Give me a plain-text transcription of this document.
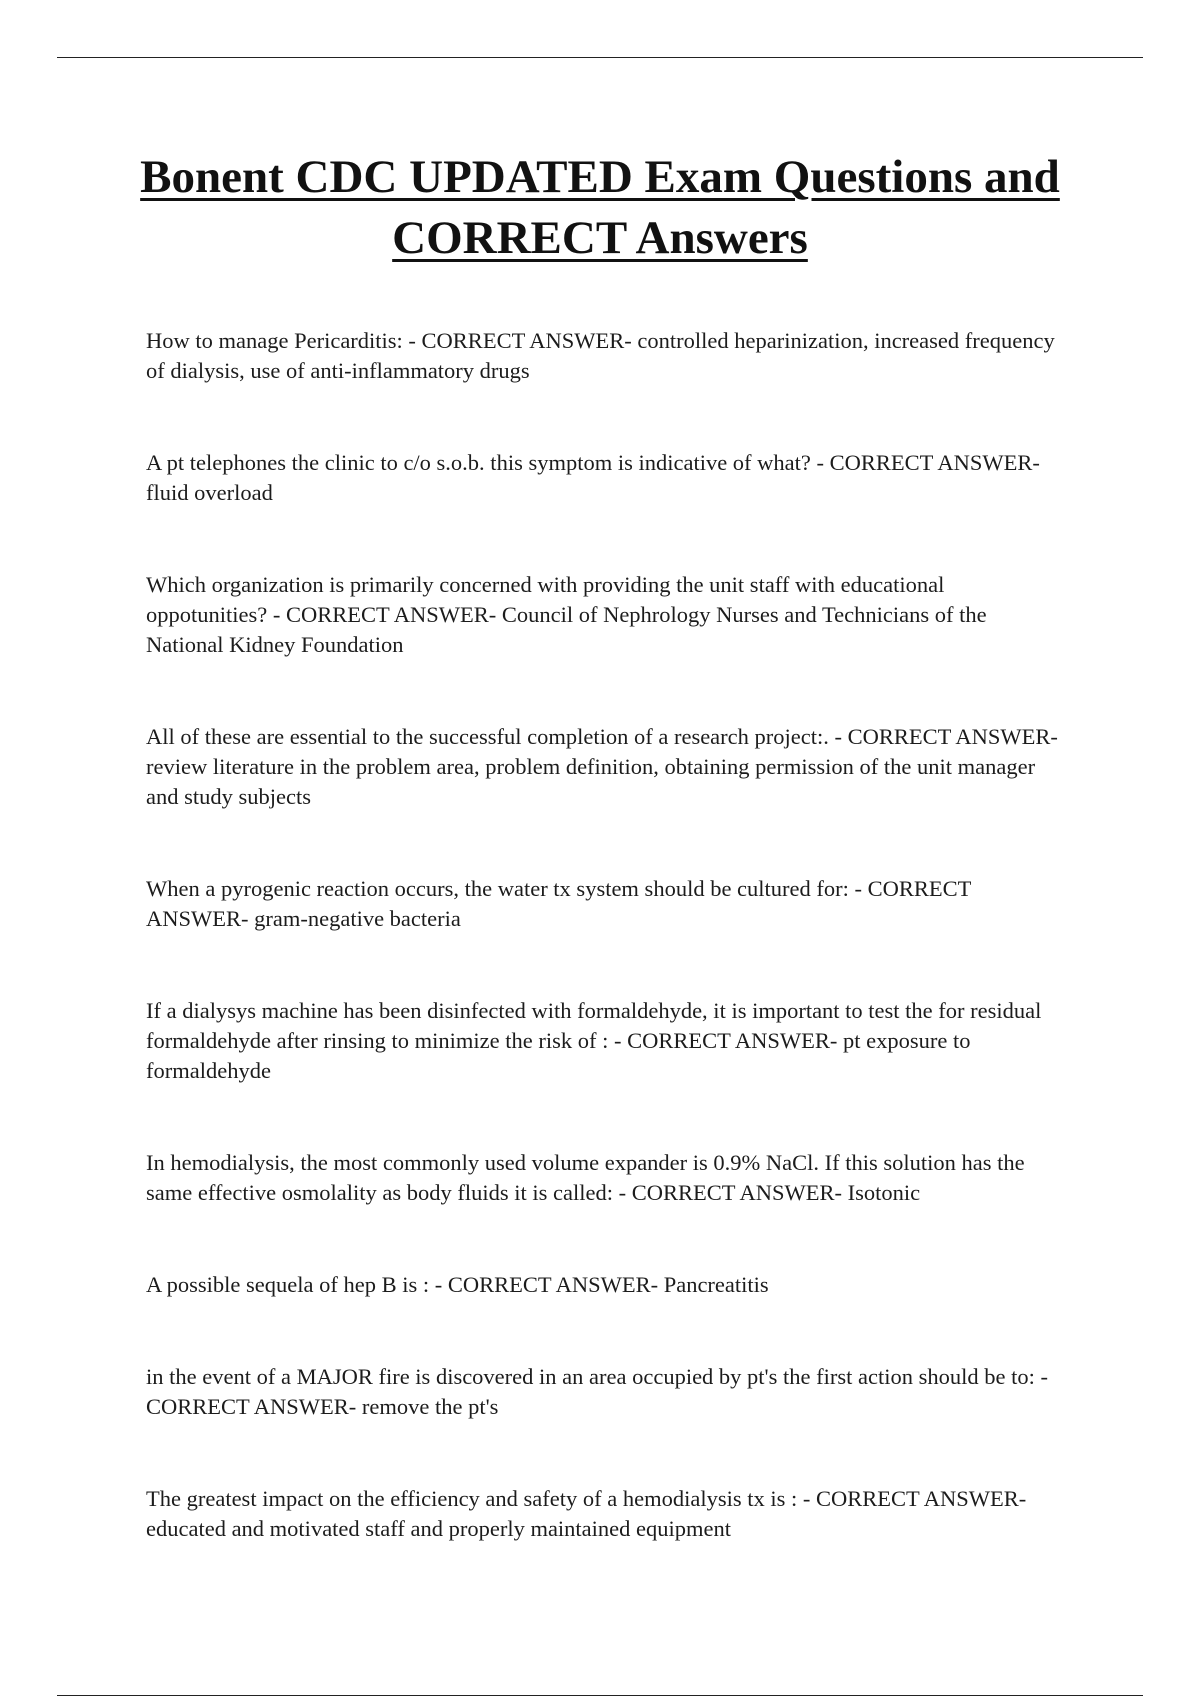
Bonent CDC UPDATED Exam Questions and CORRECT Answers

How to manage Pericarditis: - CORRECT ANSWER- controlled heparinization, increased frequency of dialysis, use of anti-inflammatory drugs

A pt telephones the clinic to c/o s.o.b. this symptom is indicative of what? - CORRECT ANSWER- fluid overload

Which organization is primarily concerned with providing the unit staff with educational oppotunities? - CORRECT ANSWER- Council of Nephrology Nurses and Technicians of the National Kidney Foundation

All of these are essential to the successful completion of a research project:. - CORRECT ANSWER- review literature in the problem area, problem definition, obtaining permission of the unit manager and study subjects

When a pyrogenic reaction occurs, the water tx system should be cultured for: - CORRECT ANSWER- gram-negative bacteria

If a dialysys machine has been disinfected with formaldehyde, it is important to test the for residual formaldehyde after rinsing to minimize the risk of : - CORRECT ANSWER- pt exposure to formaldehyde

In hemodialysis, the most commonly used volume expander is 0.9% NaCl. If this solution has the same effective osmolality as body fluids it is called: - CORRECT ANSWER- Isotonic

A possible sequela of hep B is : - CORRECT ANSWER- Pancreatitis

in the event of a MAJOR fire is discovered in an area occupied by pt's the first action should be to: - CORRECT ANSWER- remove the pt's

The greatest impact on the efficiency and safety of a hemodialysis tx is : - CORRECT ANSWER- educated and motivated staff and properly maintained equipment
